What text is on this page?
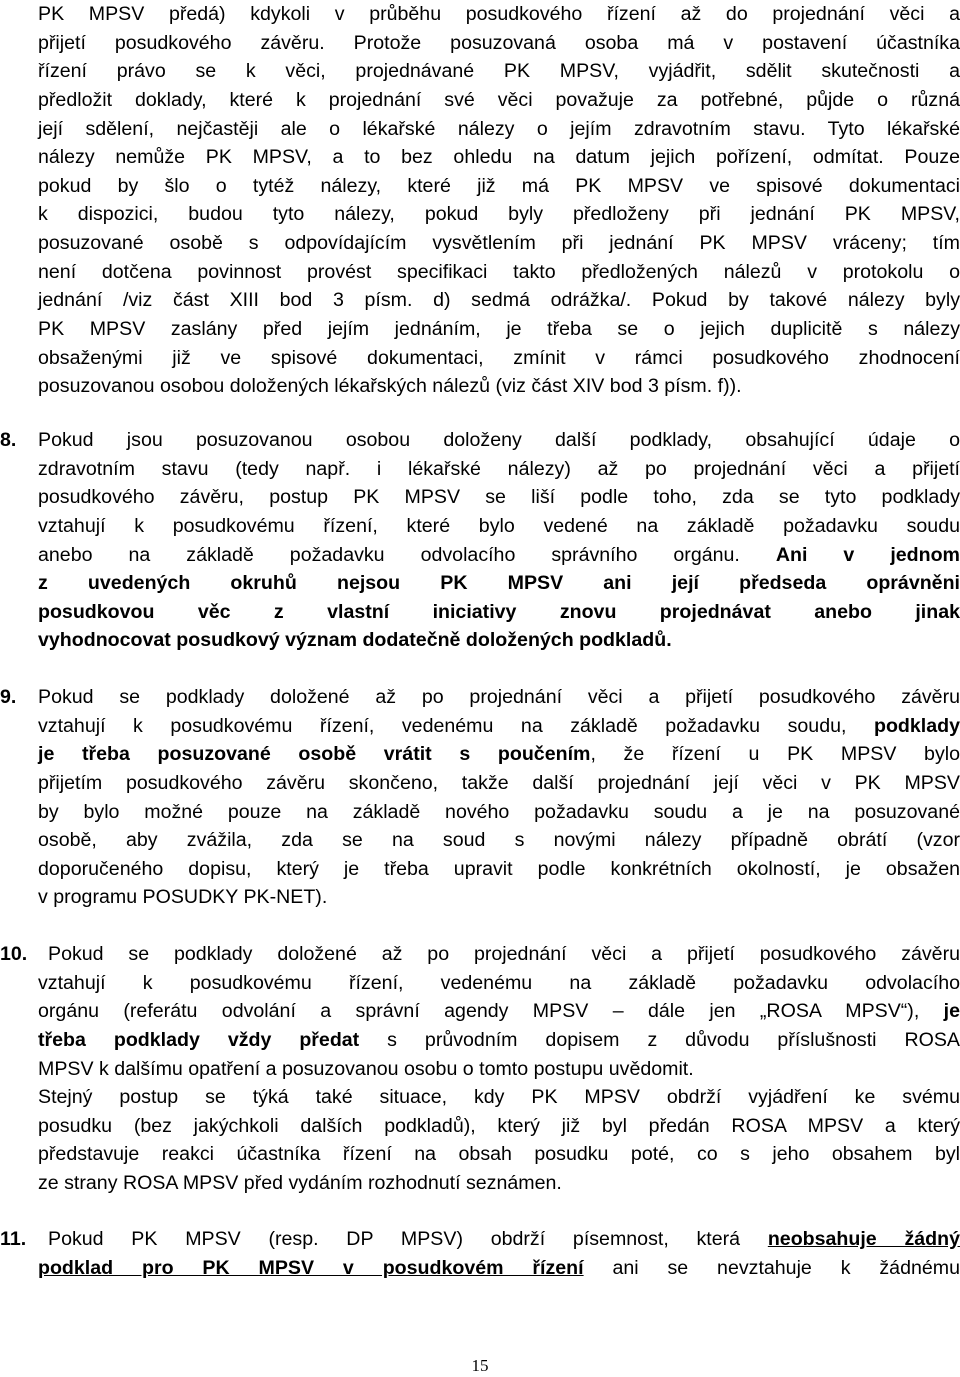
PK MPSV předá) kdykoli v průběhu posudkového řízení až do projednání věci a
přijetí posudkového závěru. Protože posuzovaná osoba má v postavení účastníka
řízení právo se k věci, projednávané PK MPSV, vyjádřit, sdělit skutečnosti a
předložit doklady, které k projednání své věci považuje za potřebné, půjde o různá
její sdělení, nejčastěji ale o lékařské nálezy o jejím zdravotním stavu. Tyto lékařské
nálezy nemůže PK MPSV, a to bez ohledu na datum jejich pořízení, odmítat. Pouze
pokud by šlo o tytéž nálezy, které již má PK MPSV ve spisové dokumentaci
k dispozici, budou tyto nálezy, pokud byly předloženy při jednání PK MPSV,
posuzované osobě s odpovídajícím vysvětlením při jednání PK MPSV vráceny; tím
není dotčena povinnost provést specifikaci takto předložených nálezů v protokolu o
jednání /viz část XIII bod 3 písm. d) sedmá odrážka/. Pokud by takové nálezy byly
PK MPSV zaslány před jejím jednáním, je třeba se o jejich duplicitě s nálezy
obsaženými již ve spisové dokumentaci, zmínit v rámci posudkového zhodnocení
posuzovanou osobou doložených lékařských nálezů (viz část XIV bod 3 písm. f)).
8. Pokud jsou posuzovanou osobou doloženy další podklady, obsahující údaje o
zdravotním stavu (tedy např. i lékařské nálezy) až po projednání věci a přijetí
posudkového závěru, postup PK MPSV se liší podle toho, zda se tyto podklady
vztahují k posudkovému řízení, které bylo vedené na základě požadavku soudu
anebo na základě požadavku odvolacího správního orgánu. Ani v jednom
z uvedených okruhů nejsou PK MPSV ani její předseda oprávněni
posudkovou věc z vlastní iniciativy znovu projednávat anebo jinak
vyhodnocovat posudkový význam dodatečně doložených podkladů.
9. Pokud se podklady doložené až po projednání věci a přijetí posudkového závěru
vztahují k posudkovému řízení, vedenému na základě požadavku soudu, podklady
je třeba posuzované osobě vrátit s poučením, že řízení u PK MPSV bylo
přijetím posudkového závěru skončeno, takže další projednání její věci v PK MPSV
by bylo možné pouze na základě nového požadavku soudu a je na posuzované
osobě, aby zvážila, zda se na soud s novými nálezy případně obrátí (vzor
doporučeného dopisu, který je třeba upravit podle konkrétních okolností, je obsažen
v programu POSUDKY PK-NET).
10. Pokud se podklady doložené až po projednání věci a přijetí posudkového závěru
vztahují k posudkovému řízení, vedenému na základě požadavku odvolacího
orgánu (referátu odvolání a správní agendy MPSV – dále jen „ROSA MPSV“), je
třeba podklady vždy předat s průvodním dopisem z důvodu příslušnosti ROSA
MPSV k dalšímu opatření a posuzovanou osobu o tomto postupu uvědomit.
Stejný postup se týká také situace, kdy PK MPSV obdrží vyjádření ke svému
posudku (bez jakýchkoli dalších podkladů), který již byl předán ROSA MPSV a který
představuje reakci účastníka řízení na obsah posudku poté, co s jeho obsahem byl
ze strany ROSA MPSV před vydáním rozhodnutí seznámen.
11. Pokud PK MPSV (resp. DP MPSV) obdrží písemnost, která neobsahuje žádný
podklad pro PK MPSV v posudkovém řízení ani se nevztahuje k žádnému
15
